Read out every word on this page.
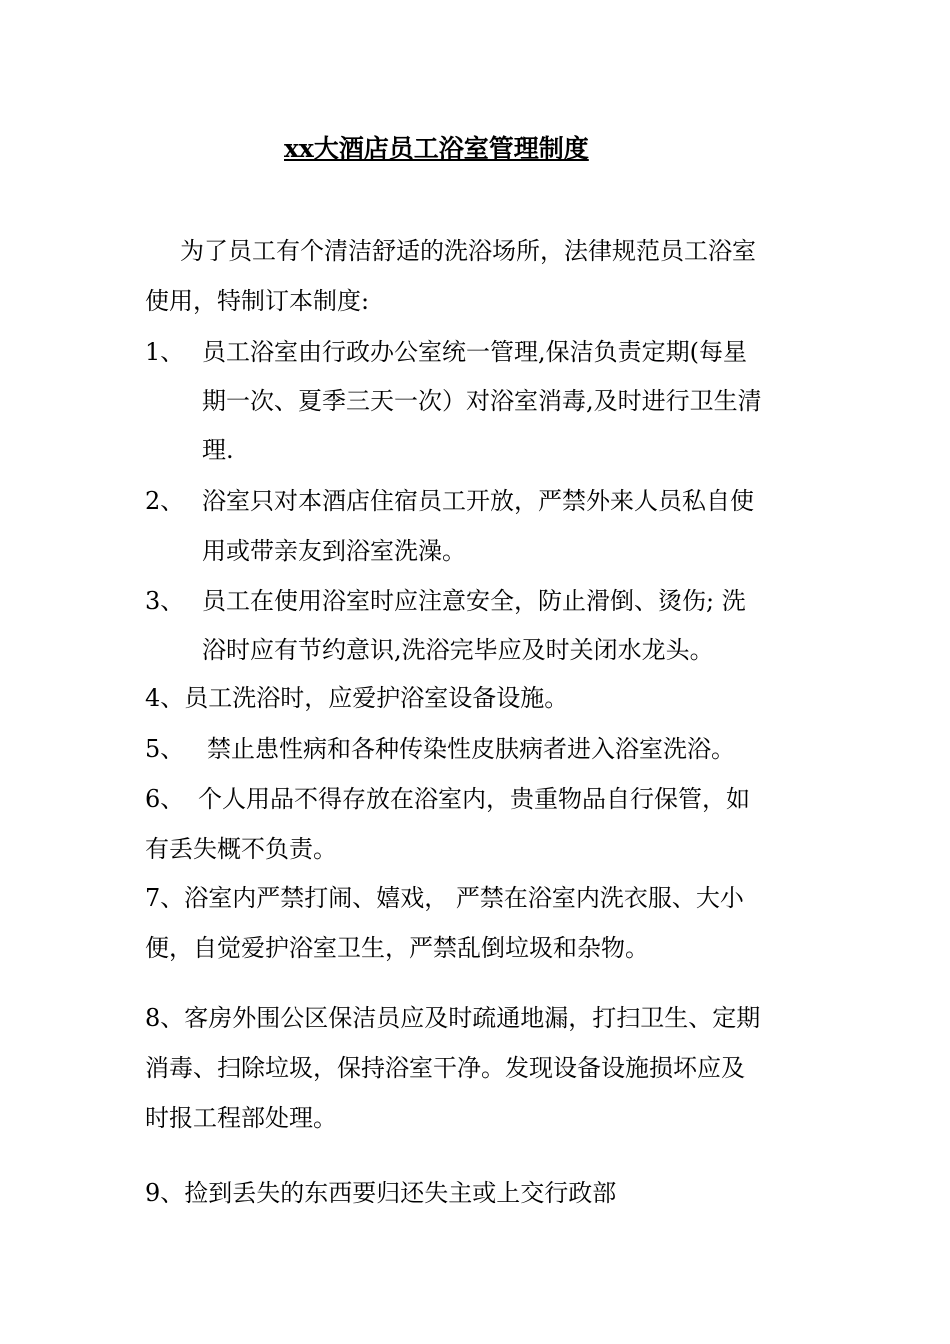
xx大酒店员工浴室管理制度
为了员工有个清洁舒适的洗浴场所，法律规范员工浴室
使用，特制订本制度:
1、 员工浴室由行政办公室统一管理,保洁负责定期(每星
期一次、夏季三天一次）对浴室消毒,及时进行卫生清
理.
2、 浴室只对本酒店住宿员工开放，严禁外来人员私自使
用或带亲友到浴室洗澡。
3、 员工在使用浴室时应注意安全，防止滑倒、烫伤; 洗
浴时应有节约意识,洗浴完毕应及时关闭水龙头。
4、员工洗浴时，应爱护浴室设备设施。
5、 禁止患性病和各种传染性皮肤病者进入浴室洗浴。
6、 个人用品不得存放在浴室内，贵重物品自行保管，如
有丢失概不负责。
7、浴室内严禁打闹、嬉戏， 严禁在浴室内洗衣服、大小
便，自觉爱护浴室卫生，严禁乱倒垃圾和杂物。
8、客房外围公区保洁员应及时疏通地漏，打扫卫生、定期
消毒、扫除垃圾，保持浴室干净。发现设备设施损坏应及
时报工程部处理。
9、捡到丢失的东西要归还失主或上交行政部
